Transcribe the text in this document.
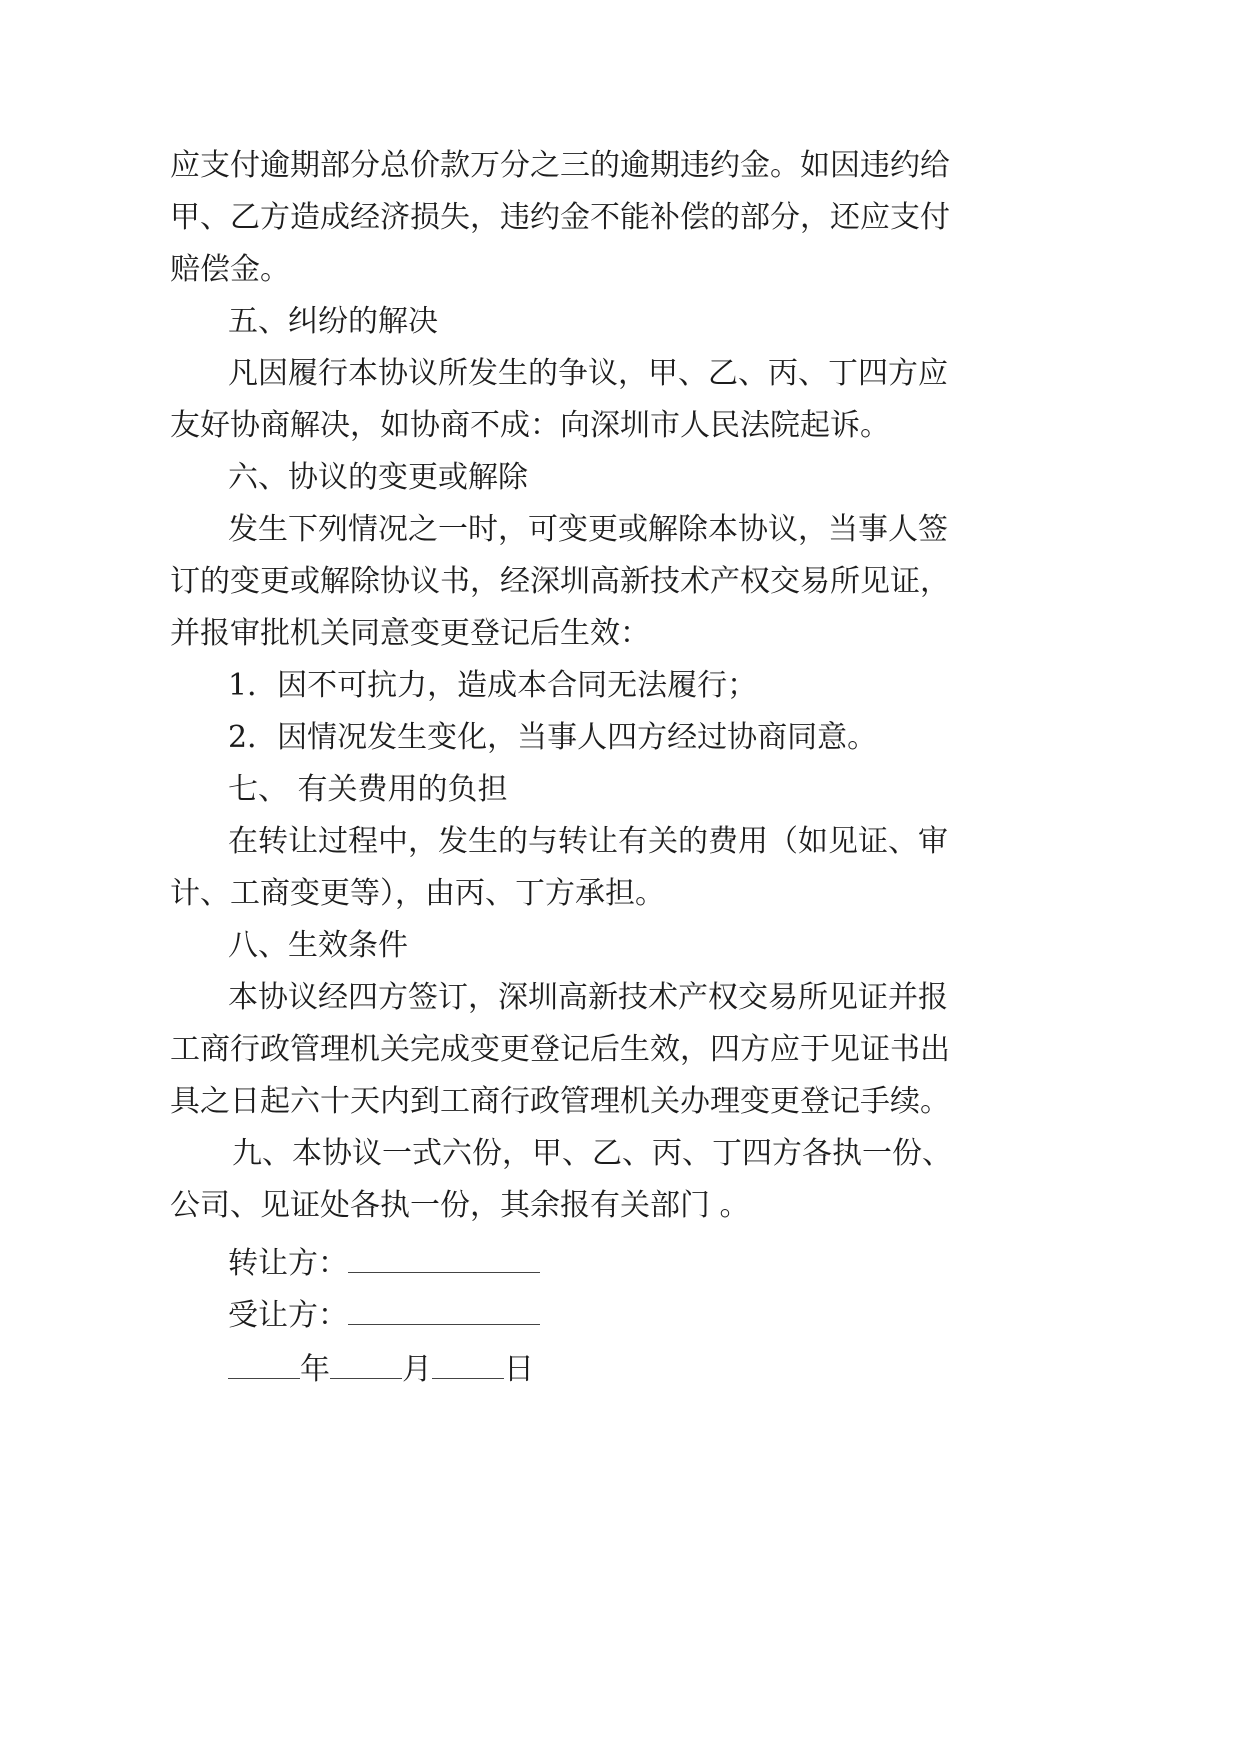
应支付逾期部分总价款万分之三的逾期违约金。如因违约给
甲、乙方造成经济损失，违约金不能补偿的部分，还应支付
赔偿金。
五、纠纷的解决
凡因履行本协议所发生的争议，甲、乙、丙、丁四方应
友好协商解决，如协商不成：向深圳市人民法院起诉。
六、协议的变更或解除
发生下列情况之一时，可变更或解除本协议，当事人签
订的变更或解除协议书，经深圳高新技术产权交易所见证，
并报审批机关同意变更登记后生效：
1．因不可抗力，造成本合同无法履行；
2．因情况发生变化，当事人四方经过协商同意。
七、 有关费用的负担
在转让过程中，发生的与转让有关的费用（如见证、审
计、工商变更等），由丙、丁方承担。
八、生效条件
本协议经四方签订，深圳高新技术产权交易所见证并报
工商行政管理机关完成变更登记后生效，四方应于见证书出
具之日起六十天内到工商行政管理机关办理变更登记手续。
九、本协议一式六份，甲、乙、丙、丁四方各执一份、
公司、见证处各执一份，其余报有关部门 。
转让方：
受让方：
年 月 日
